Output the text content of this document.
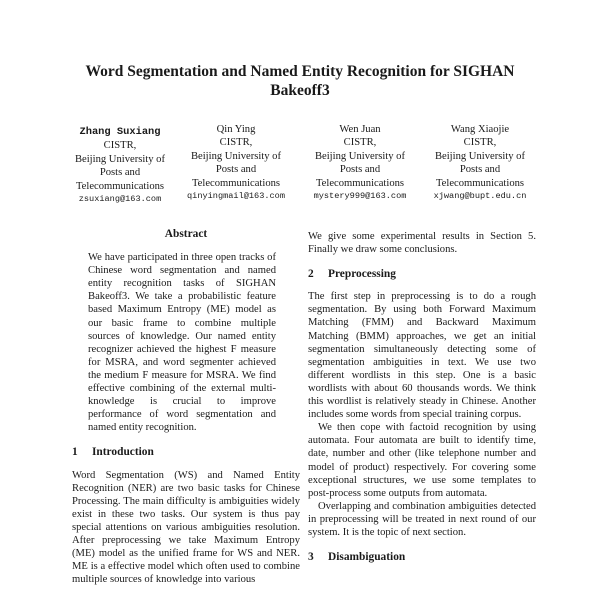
Word Segmentation and Named Entity Recognition for SIGHAN Bakeoff3
Zhang Suxiang
CISTR,
Beijing University of
Posts and
Telecommunications
zsuxiang@163.com
Qin Ying
CISTR,
Beijing University of
Posts and
Telecommunications
qinyingmail@163.com
Wen Juan
CISTR,
Beijing University of
Posts and
Telecommunications
mystery999@163.com
Wang Xiaojie
CISTR,
Beijing University of
Posts and
Telecommunications
xjwang@bupt.edu.cn
Abstract

We have participated in three open tracks of Chinese word segmentation and named entity recognition tasks of SIGHAN Bakeoff3. We take a probabilistic feature based Maximum Entropy (ME) model as our basic frame to combine multiple sources of knowledge. Our named entity recognizer achieved the highest F measure for MSRA, and word segmenter achieved the medium F measure for MSRA. We find effective combining of the external multi-knowledge is crucial to improve performance of word segmentation and named entity recognition.

1 Introduction

Word Segmentation (WS) and Named Entity Recognition (NER) are two basic tasks for Chinese Processing. The main difficulty is ambiguities widely exist in these two tasks. Our system is thus pay special attentions on various ambiguities resolution. After preprocessing we take Maximum Entropy (ME) model as the unified frame for WS and NER. ME is a effective model which often used to combine multiple sources of knowledge into various

We give some experimental results in Section 5. Finally we draw some conclusions.

2 Preprocessing

The first step in preprocessing is to do a rough segmentation. By using both Forward Maximum Matching (FMM) and Backward Maximum Matching (BMM) approaches, we get an initial segmentation simultaneously detecting some of segmentation ambiguities in text. We use two different wordlists in this step. One is a basic wordlists with about 60 thousands words. We think this wordlist is relatively steady in Chinese. Another includes some words from special training corpus.

We then cope with factoid recognition by using automata. Four automata are built to identify time, date, number and other (like telephone number and model of product) respectively. For covering some exceptional structures, we use some templates to post-process some outputs from automata.

Overlapping and combination ambiguities detected in preprocessing will be treated in next round of our system. It is the topic of next section.

3 Disambiguation
